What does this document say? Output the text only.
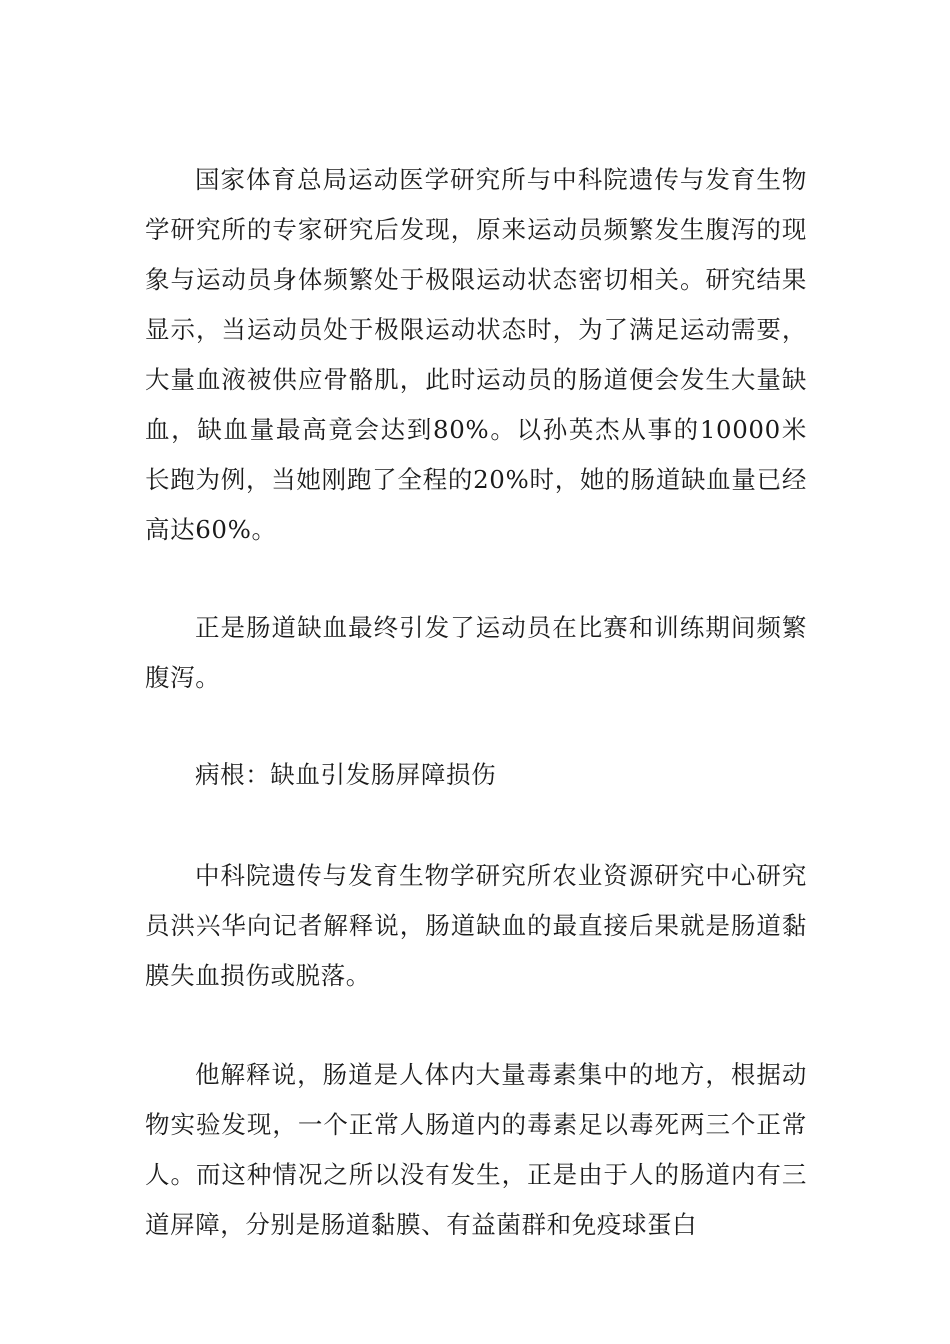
国家体育总局运动医学研究所与中科院遗传与发育生物学研究所的专家研究后发现，原来运动员频繁发生腹泻的现象与运动员身体频繁处于极限运动状态密切相关。研究结果显示，当运动员处于极限运动状态时，为了满足运动需要，大量血液被供应骨骼肌，此时运动员的肠道便会发生大量缺血，缺血量最高竟会达到80%。以孙英杰从事的10000米长跑为例，当她刚跑了全程的20%时，她的肠道缺血量已经高达60%。

正是肠道缺血最终引发了运动员在比赛和训练期间频繁腹泻。

病根：缺血引发肠屏障损伤

中科院遗传与发育生物学研究所农业资源研究中心研究员洪兴华向记者解释说，肠道缺血的最直接后果就是肠道黏膜失血损伤或脱落。

他解释说，肠道是人体内大量毒素集中的地方，根据动物实验发现，一个正常人肠道内的毒素足以毒死两三个正常人。而这种情况之所以没有发生，正是由于人的肠道内有三道屏障，分别是肠道黏膜、有益菌群和免疫球蛋白
